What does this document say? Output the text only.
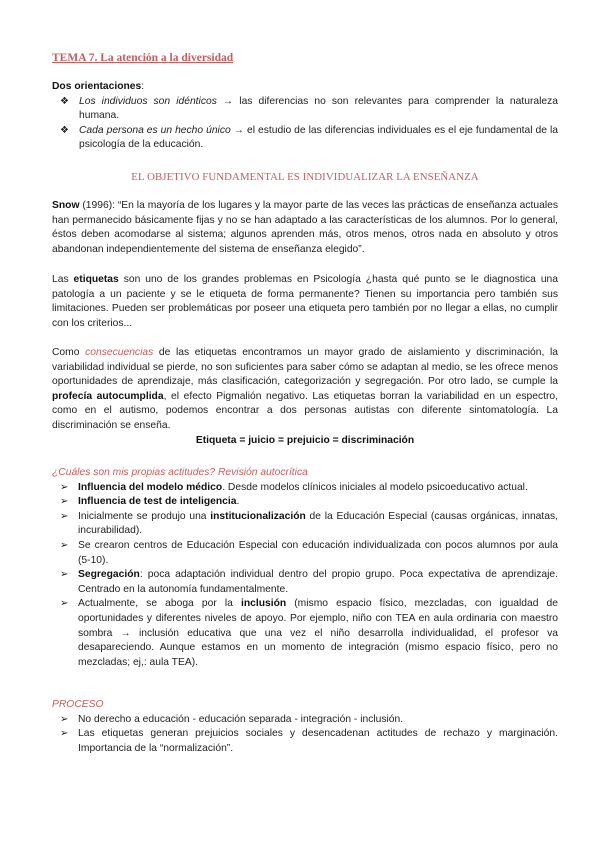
TEMA 7. La atención a la diversidad

Dos orientaciones:

❖ Los individuos son idénticos → las diferencias no son relevantes para comprender la naturaleza humana.
❖ Cada persona es un hecho único → el estudio de las diferencias individuales es el eje fundamental de la psicología de la educación.
EL OBJETIVO FUNDAMENTAL ES INDIVIDUALIZAR LA ENSEÑANZA

Snow (1996): “En la mayoría de los lugares y la mayor parte de las veces las prácticas de enseñanza actuales han permanecido básicamente fijas y no se han adaptado a las características de los alumnos. Por lo general, éstos deben acomodarse al sistema; algunos aprenden más, otros menos, otros nada en absoluto y otros abandonan independientemente del sistema de enseñanza elegido”.

Las etiquetas son uno de los grandes problemas en Psicología ¿hasta qué punto se le diagnostica una patología a un paciente y se le etiqueta de forma permanente? Tienen su importancia pero también sus limitaciones. Pueden ser problemáticas por poseer una etiqueta pero también por no llegar a ellas, no cumplir con los criterios...

Como consecuencias de las etiquetas encontramos un mayor grado de aislamiento y discriminación, la variabilidad individual se pierde, no son suficientes para saber cómo se adaptan al medio, se les ofrece menos oportunidades de aprendizaje, más clasificación, categorización y segregación. Por otro lado, se cumple la profecía autocumplida, el efecto Pigmalión negativo. Las etiquetas borran la variabilidad en un espectro, como en el autismo, podemos encontrar a dos personas autistas con diferente sintomatología. La discriminación se enseña.

Etiqueta = juicio = prejuicio = discriminación

¿Cuáles son mis propias actitudes? Revisión autocrítica

➢ Influencia del modelo médico. Desde modelos clínicos iniciales al modelo psicoeducativo actual.
➢ Influencia de test de inteligencia.
➢ Inicialmente se produjo una institucionalización de la Educación Especial (causas orgánicas, innatas, incurabilidad).
➢ Se crearon centros de Educación Especial con educación individualizada con pocos alumnos por aula (5-10).
➢ Segregación: poca adaptación individual dentro del propio grupo. Poca expectativa de aprendizaje. Centrado en la autonomía fundamentalmente.
➢ Actualmente, se aboga por la inclusión (mismo espacio físico, mezcladas, con igualdad de oportunidades y diferentes niveles de apoyo. Por ejemplo, niño con TEA en aula ordinaria con maestro sombra → inclusión educativa que una vez el niño desarrolla individualidad, el profesor va desapareciendo. Aunque estamos en un momento de integración (mismo espacio físico, pero no mezcladas; ej,: aula TEA).

PROCESO

➢ No derecho a educación - educación separada - integración - inclusión.
➢ Las etiquetas generan prejuicios sociales y desencadenan actitudes de rechazo y marginación. Importancia de la “normalización”.
